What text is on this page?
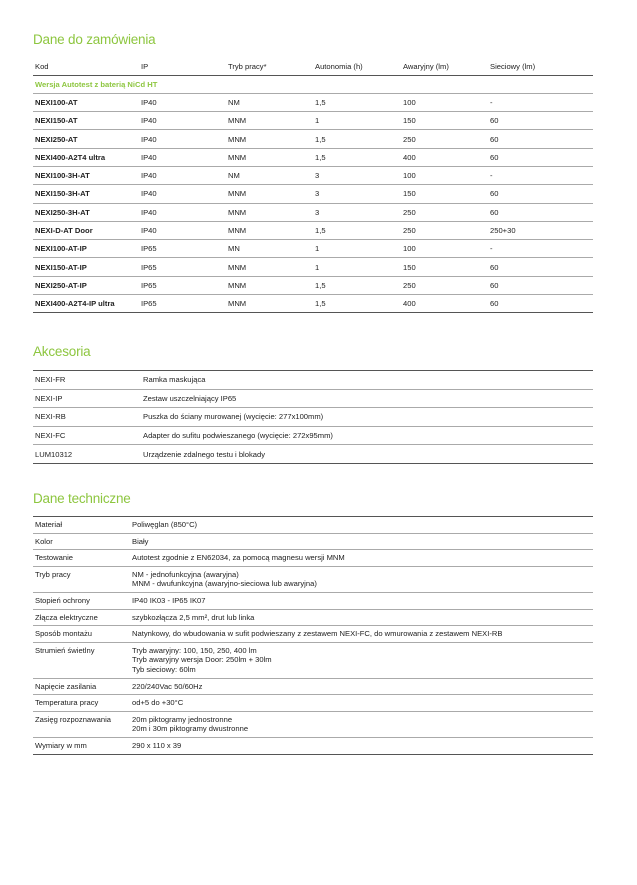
Dane do zamówienia
Kod	IP	Tryb pracy*	Autonomia (h)	Awaryjny (lm)	Sieciowy (lm)
Wersja Autotest z baterią NiCd HT					
NEXI100-AT	IP40	NM	1,5	100	-
NEXI150-AT	IP40	MNM	1	150	60
NEXI250-AT	IP40	MNM	1,5	250	60
NEXI400-A2T4 ultra	IP40	MNM	1,5	400	60
NEXI100-3H-AT	IP40	NM	3	100	-
NEXI150-3H-AT	IP40	MNM	3	150	60
NEXI250-3H-AT	IP40	MNM	3	250	60
NEXI-D-AT Door	IP40	MNM	1,5	250	250+30
NEXI100-AT-IP	IP65	MN	1	100	-
NEXI150-AT-IP	IP65	MNM	1	150	60
NEXI250-AT-IP	IP65	MNM	1,5	250	60
NEXI400-A2T4-IP ultra	IP65	MNM	1,5	400	60
Akcesoria
NEXI-FR	Ramka maskująca
NEXI-IP	Zestaw uszczelniający IP65
NEXI-RB	Puszka do ściany murowanej (wycięcie: 277x100mm)
NEXI-FC	Adapter do sufitu podwieszanego (wycięcie: 272x95mm)
LUM10312	Urządzenie zdalnego testu i blokady
Dane techniczne
Materiał	Poliwęglan (850°C)

Kolor	Biały

Testowanie	Autotest zgodnie z EN62034, za pomocą magnesu wersji MNM

Tryb pracy	NM - jednofunkcyjna (awaryjna)
MNM - dwufunkcyjna (awaryjno-sieciowa lub awaryjna)

Stopień ochrony	IP40 IK03 - IP65 IK07

Złącza elektryczne	szybkozłącza 2,5 mm², drut lub linka

Sposób montażu	Natynkowy, do wbudowania w sufit podwieszany z zestawem NEXI-FC, do wmurowania z zestawem NEXI-RB

Strumień świetlny	Tryb awaryjny: 100, 150, 250, 400 lm
Tryb awaryjny wersja Door: 250lm + 30lm
Tyb sieciowy: 60lm

Napięcie zasilania	220/240Vac 50/60Hz

Temperatura pracy	od+5 do +30°C

Zasięg rozpoznawania	20m piktogramy jednostronne
20m i 30m piktogramy dwustronne

Wymiary w mm	290 x 110 x 39
